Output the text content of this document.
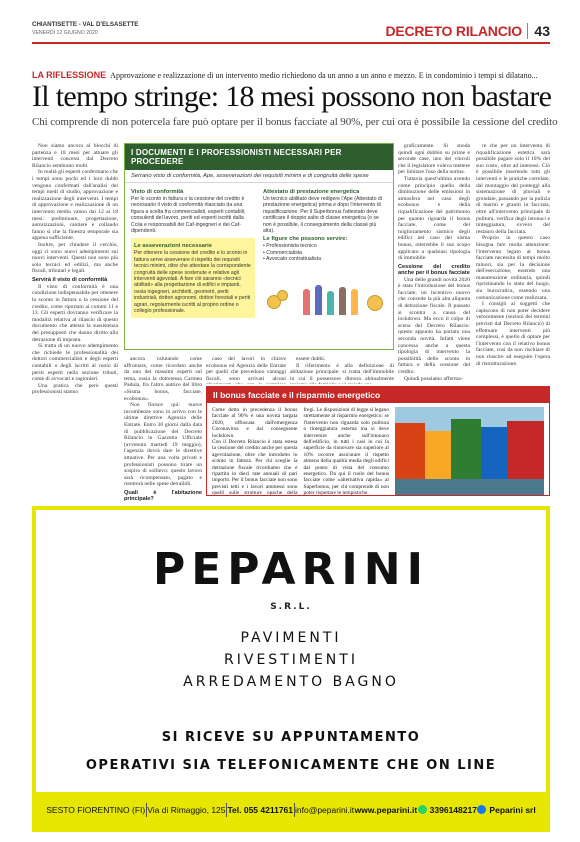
CHIANTISETTE - VAL D'ELSASETTE
VENERDÌ 12 GIUGNO 2020	DECRETO RILANCIO 43
LA RIFLESSIONE Approvazione e realizzazione di un intervento medio richiedono da un anno a un anno e mezzo. E in condominio i tempi si dilatano...
Il tempo stringe: 18 mesi possono non bastare
Chi comprende di non potercela fare può optare per il bonus facciate al 90%, per cui ora è possibile la cessione del credito

Non siamo ancora al blocchi di partenza e 18 mesi per attuare gli interventi concessi dal Decreto Rilancio sembrano molti.

In realtà gli esperti confermano che i tempi sono pochi ed i loro dubbi vengono confermati dall'analisi dei tempi medi di studio, approvazione e realizzazione degli interventi. I tempi di approvazione e realizzazione di un intervento medio vanno dai 12 ai 18 mesi: preliminare, progettazione, autorizzazioni, cantiere e collaudo fanno sì che la finestra temporale sia appena sufficiente.

Inoltre, per chiudere il cerchio, oggi ci sono nuovi adempimenti sui nuovi interventi. Questi non sono più solo tecnici ed edilizi, ma anche fiscali, tributari e legali.

Servirà il visto di conformità

Il visto di conformità è una condizione indispensabile per ottenere lo sconto in fattura o la cessione del credito, come riportato ai commi 11 e 13. Gli esperti dovranno verificare la modalità relativa al rilascio di questo documento che attesta la sussistenza dei presupposti che danno diritto alla detrazione di imposta.

Si tratta di un nuovo adempimento che richiede le professionalità dei dottori commercialisti e degli esperti contabili o degli iscritti al ruolo di periti esperti nella sezione tributi, come di avvocati e ragionieri.

Una pratica che però questi professionisti stanno

I DOCUMENTI E I PROFESSIONISTI NECESSARI PER PROCEDERE
Serrano visto di conformità, Ape, asseverazioni dei requisiti minimi e di congruità delle spese
Visto di conformità
Per lo sconto in fattura o la cessione del credito è necessario il visto di conformità rilasciato da una figura a scelta fra commercialisti, esperti contabili, consulenti del lavoro, periti ed esperti iscritti dalla Cciia e responsabili dei Caf-ingegneri e dei Caf-dipendenti.
Le asseverazioni necessarie
Per ottenere la cessione del credito e lo sconto in fattura serve asseverare il rispetto dei requisiti tecnici minimi, oltre che attestare la corrispondente congruità delle spese sostenute e relative agli interventi agevolati. A fare ciò saranno «tecnici abilitati» alla progettazione di edifici e impianti, ossia ingegneri, architetti, geometri, periti industriali, dottori agronomi, dottori forestali e periti agrari, regolarmente iscritti al proprio ordine o collegio professionale.
Attestato di prestazione energetica
Un tecnico abilitato deve redigere l'Ape (Attestato di prestazione energetica) prima e dopo l'intervento di riqualificazione. Per il Superbonus l'attestato deve certificare il doppio salto di classe energetica (o se non è possibile, il conseguimento della classe più alta).
Le figure che possono servire:
• Professionista tecnico
• Commercialista
• Avvocato contrattualista

ancora valutando come affrontare, come ricordato anche da uno dei massimi esperti sul tema, ossia la dottoressa Carmen Padula, fra l'altro autrice del libro «Sisma bonus, facciate, ecobonus».

Non finisce qui: nuove incombenze sono in arrivo con le ultime direttive Agenzia delle Entrate. Entro 30 giorni dalla data di pubblicazione del Decreto Rilancio in Gazzetta Ufficiale (avvenuta martedì 19 maggio), l'agenzia dovrà dare le direttive attuative. Per una volta privati e professionisti possono tirare un sospiro di sollievo: questo lavoro sarà ricompensato, pagato e rientrerà nelle spese detraibili.

Quali è l'abitazione principale?

caso dei lavori in chiave ecobonus ed Agenzia delle Entrate per quelli che prevedono vantaggi fiscali, sono arrivati alcuni

essere dubbi.

Il riferimento è alla definizione di abitazione principale: si tratta dell'immobile in cui il possessore dimora abitualmente

graficamente. Si snoda quindi ogni dubbio su prime e seconde case, uno dei vincoli che il legislatore voleva mettere per limitare l'uso della norma.

Tuttavia quest'ultima avendo come principio quello della diminuzione delle emissioni in atmosfera nel caso degli ecobonus e della riqualificazione del patrimonio per quanto riguarda il bonus facciate, come del miglioramento sismico degli edifici nel caso del sisma bonus, otterrebbe il suo scopo applicato a qualsiasi tipologia di immobile.

Cessione del credito anche per il bonus facciate

Una delle grandi novità 2020 è stata l'introduzione del bonus facciate, un incentivo nuovo che concede la più alta aliquota di detrazione fiscale. Il passato si scontra a causa del lockdown. Ma ecco il colpo di scena del Decreto Rilancio: questo appunto ha portato una seconda novità. Infatti viene concessa anche a questa tipologia di intervento la possibilità dello sconto in fattura e della cessione del credito.

Quindi possiamo afferma-

re che per un intervento di riqualificazione estetica sarà possibile pagare solo il 10% del suo costo, oltre ad interessi. Ciò è possibile inserendo tutti gli interventi e le pratiche correlate, dal montaggio del ponteggi alla sistemazione di pluviali e grondaie, passando per la pulizia di marmi e graniti in facciata, oltre all'intervento principale di pulitura, verifica degli intonaci e tinteggiatura, ovvero del restauro della facciata.

Proprio in questo caso bisogna fare molta attenzione: l'intervento legato al bonus facciate necessita di tempi molto minori, sia per la decisione dell'esecuzione, essendo una manutenzione ordinaria, quindi ripristinando lo stato del luogo, sia burocratica, essendo una comunicazione come realizzata.

I consigli ai soggetti che capiscono di non poter decidere velocemente (sezioni dei termini previsti dal Decreto Rilancio) di effettuare interventi più complessi, è quello di optare per l'intervento con il relativo bonus facciate, così da non rischiare di non riuscire ad eseguire l'opera di ristrutturazione.

Il bonus facciate e il risparmio energetico

Come detto in precedenza il bonus facciate al 90% è una novità targata 2020, offuscata dall'emergenza Coronavirus e dal conseguente lockdown.

Con il Decreto Rilancio è stata estesa la cessione del credito anche per questa agevolazione, oltre che introdotto lo sconto in fattura. Per chi sceglie la detrazione fiscale ricordiamo che è ripartita in dieci rate annuali di pari importo. Per il bonus facciate non sono previsti tetti e i lavori ammessi sono quelli sulle strutture opache della

fregi. Le disposizioni di legge si legano strettamente al risparmio energetico: se l'intervento non riguarda solo pulitura o tinteggiatura esterna ma si deve intervenire anche sull'intonaco dell'edificio, in tutti i casi in cui la superficie da rinnovare sia superiore al 10% occorre assicurare il rispetto almeno della qualità media degli edifici dal punto di vista del consumo energetico. Da qui il ruolo del bonus facciate come «alternativa rapida» al Superbonus, per chi comprende di non poter rispettare le tempistiche.

PEPARINI
S.R.L.
PAVIMENTI
RIVESTIMENTI
ARREDAMENTO BAGNO
SI RICEVE SU APPUNTAMENTO
OPERATIVI SIA TELEFONICAMENTE CHE ON LINE
SESTO FIORENTINO (FI) Via di Rimaggio, 125 Tel. 055 4211761 info@peparini.it www.peparini.it	3396148217	Peparini srl
